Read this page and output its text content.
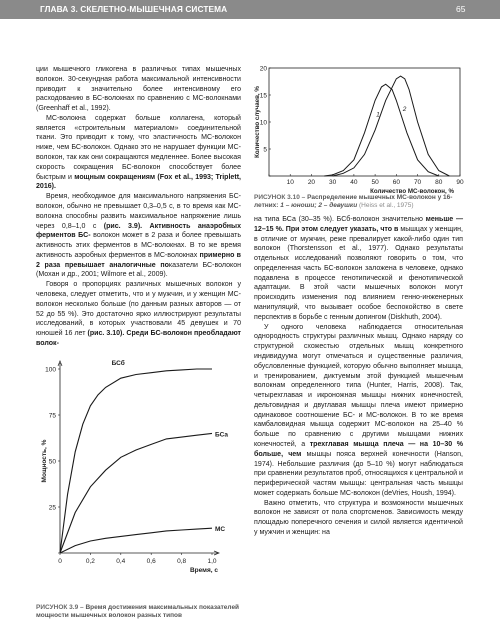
ГЛАВА 3. СКЕЛЕТНО-МЫШЕЧНАЯ СИСТЕМА	65
5
10
15
20
10 20 30 40 50 60 70 80 90
Количество случаев, %
Количество МС-волокон, %
1
2

ции мышечного гликогена в различных типах мышечных волокон. 30-секундная работа максимальной интенсивности приводит к значительно более интенсивному его расходованию в БС-волокнах по сравнению с МС-волокнами (Greenhaff et al., 1992).

МС-волокна содержат больше коллагена, который является «строительным материалом» соединительной ткани. Это приводит к тому, что эластичность МС-волокон ниже, чем БС-волокон. Однако это не нарушает функции МС-волокон, так как они сокращаются медленнее. Более высокая скорость сокращения БС-волокон способствует более быстрым и мощным сокращениям (Fox et al., 1993; Triplett, 2016).

Время, необходимое для максимального напряжения БС-волокон, обычно не превышает 0,3–0,5 с, в то время как МС-волокна способны развить максимальное напряжение лишь через 0,8–1,0 с (рис. 3.9). Активность анаэробных ферментов БС- волокон может в 2 раза и более превышать активность этих ферментов в МС-волокнах. В то же время активность аэробных ферментов в МС-волокнах примерно в 2 раза превышает аналогичные показатели БС-волокон (Мохан и др., 2001; Wilmore et al., 2009).

Говоря о пропорциях различных мышечных волокон у человека, следует отметить, что и у мужчин, и у женщин МС-волокон несколько больше (по данным разных авторов — от 52 до 55 %). Это достаточно ярко иллюстрируют результаты исследований, в которых участвовали 45 девушек и 70 юношей 16 лет (рис. 3.10). Среди БС-волокон преобладают волок-

25
50
75
100
0	0,2	0,4	0,6	0,8	1,0
Мощность, %
Время, с
БСб
БСа
МС
РИСУНОК 3.9 – Время достижения максимальных показателей мощности мышечных волокон разных типов
РИСУНОК 3.10 – Распределение мышечных МС-волокон у 16-летних: 1 – юноши; 2 – девушки (Heiss et al., 1975)

на типа БСа (30–35 %). БСб-волокон значительно меньше — 12–15 %. При этом следует указать, что в мышцах у женщин, в отличие от мужчин, реже превалирует какой-либо один тип волокон (Thorstensson et al., 1977). Однако результаты отдельных исследований позволяют говорить о том, что определенная часть БС-волокон заложена в человеке, однако подавлена в процессе генотипической и фенотипической адаптации. В этой части мышечных волокон могут происходить изменения под влиянием генно-инженерных манипуляций, что вызывает особое беспокойство в свете перспектив в борьбе с генным допингом (Diskhuth, 2004).

У одного человека наблюдается относительная однородность структуры различных мышц. Однако наряду со структурной схожестью отдельных мышц конкретного индивидуума могут отмечаться и существенные различия, обусловленные функцией, которую обычно выполняет мышца, и тренированием, диктуемым этой функцией мышечным волокнам определенного типа (Hunter, Harris, 2008). Так, четырехглавая и икроножная мышцы нижних конечностей, дельтовидная и двуглавая мышцы плеча имеют примерно одинаковое соотношение БС- и МС-волокон. В то же время камбаловидная мышца содержит МС-волокон на 25–40 % больше по сравнению с другими мышцами нижних конечностей, а трехглавая мышца плеча — на 10–30 % больше, чем мышцы пояса верхней конечности (Hanson, 1974). Небольшие различия (до 5–10 %) могут наблюдаться при сравнении результатов проб, относящихся к центральной и периферической частям мышцы: центральная часть мышцы может содержать больше МС-волокон (deVries, Housh, 1994).

Важно отметить, что структура и возможности мышечных волокон не зависят от пола спортсменов. Зависимость между площадью поперечного сечения и силой является идентичной у мужчин и женщин: на
